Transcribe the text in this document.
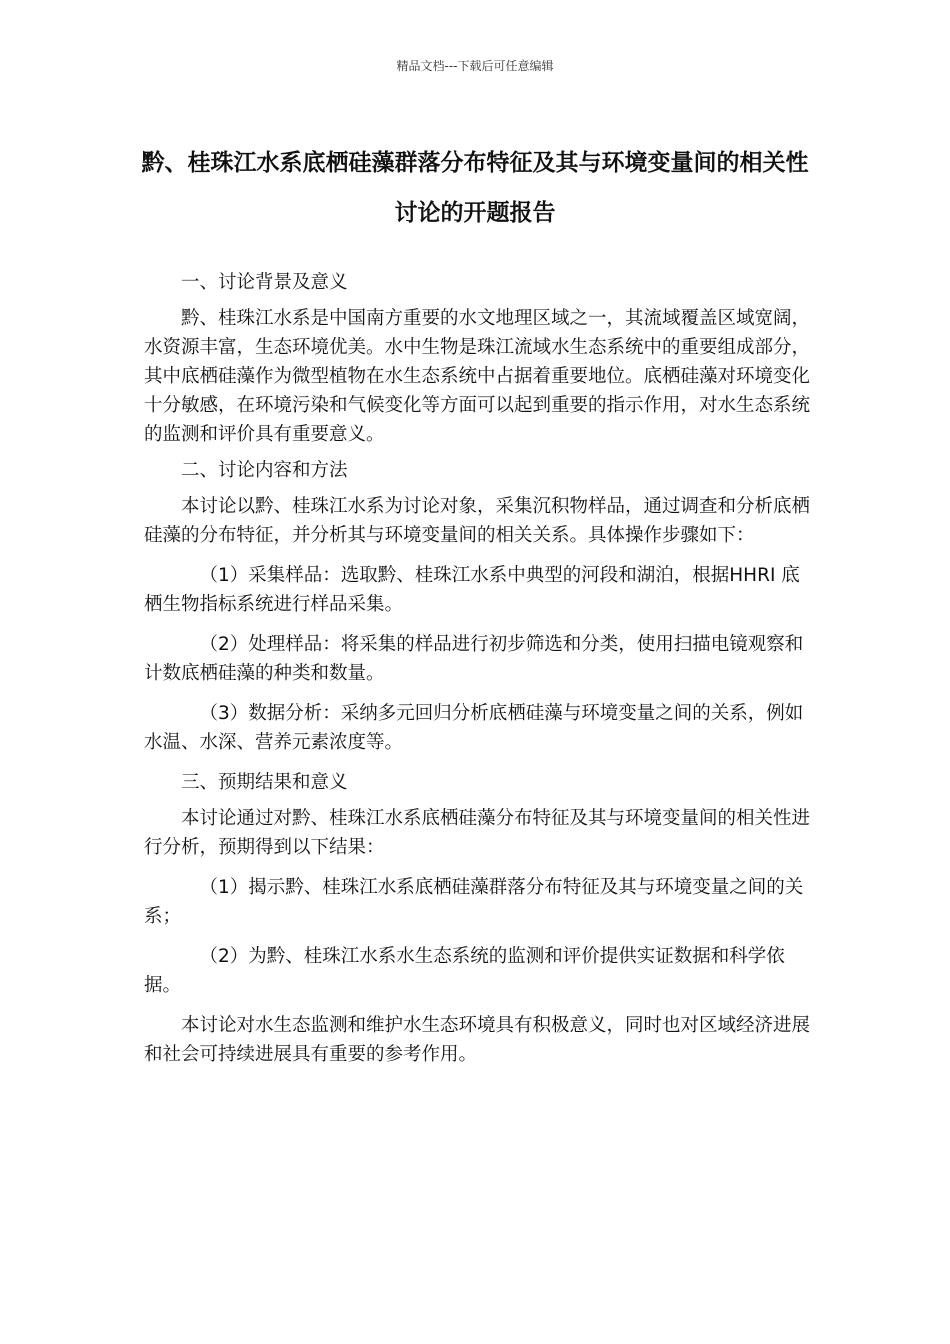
精品文档---下载后可任意编辑
黔、桂珠江水系底栖硅藻群落分布特征及其与环境变量间的相关性讨论的开题报告

一、讨论背景及意义

黔、桂珠江水系是中国南方重要的水文地理区域之一，其流域覆盖区域宽阔，水资源丰富，生态环境优美。水中生物是珠江流域水生态系统中的重要组成部分，其中底栖硅藻作为微型植物在水生态系统中占据着重要地位。底栖硅藻对环境变化十分敏感，在环境污染和气候变化等方面可以起到重要的指示作用，对水生态系统的监测和评价具有重要意义。

二、讨论内容和方法

本讨论以黔、桂珠江水系为讨论对象，采集沉积物样品，通过调查和分析底栖硅藻的分布特征，并分析其与环境变量间的相关关系。具体操作步骤如下：

（1）采集样品：选取黔、桂珠江水系中典型的河段和湖泊，根据HHRI 底栖生物指标系统进行样品采集。

（2）处理样品：将采集的样品进行初步筛选和分类，使用扫描电镜观察和计数底栖硅藻的种类和数量。

（3）数据分析：采纳多元回归分析底栖硅藻与环境变量之间的关系，例如水温、水深、营养元素浓度等。

三、预期结果和意义

本讨论通过对黔、桂珠江水系底栖硅藻分布特征及其与环境变量间的相关性进行分析，预期得到以下结果：

（1）揭示黔、桂珠江水系底栖硅藻群落分布特征及其与环境变量之间的关系；

（2）为黔、桂珠江水系水生态系统的监测和评价提供实证数据和科学依据。

本讨论对水生态监测和维护水生态环境具有积极意义，同时也对区域经济进展和社会可持续进展具有重要的参考作用。
